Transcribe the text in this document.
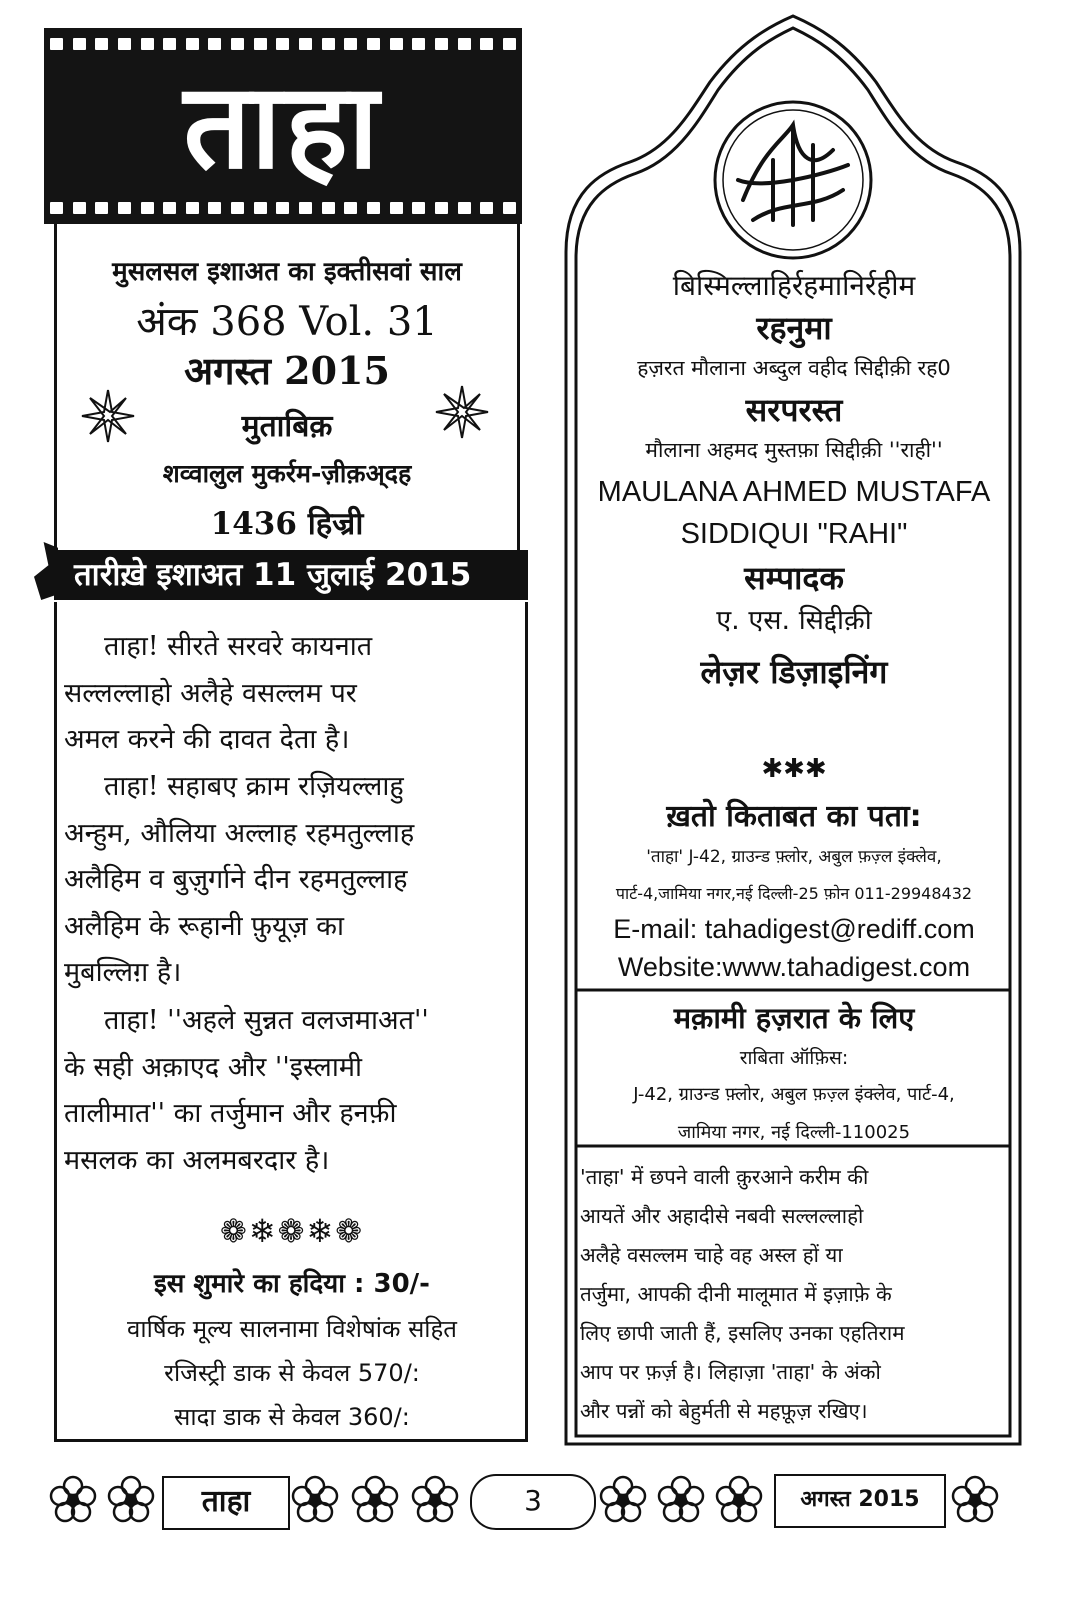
ताहा
मुसलसल इशाअत का इक्तीसवां साल
अंक 368 Vol. 31
अगस्त 2015
मुताबिक़
शव्वालुल मुकर्रम-ज़ीक़अ्दह
1436 हिज्री
तारीख़े इशाअत 11 जुलाई 2015
ताहा! सीरते सरवरे कायनात
सल्लल्लाहो अलैहे वसल्लम पर
अमल करने की दावत देता है।
ताहा! सहाबए क्राम रज़ियल्लाहु
अन्हुम, औलिया अल्लाह रहमतुल्लाह
अलैहिम व बुज़ुर्गाने दीन रहमतुल्लाह
अलैहिम के रूहानी फ़ुयूज़ का
मुबल्लिग़ है।
ताहा! ''अहले सुन्नत वलजमाअत''
के सही अक़ाएद और ''इस्लामी
तालीमात'' का तर्जुमान और हनफ़ी
मसलक का अलमबरदार है।
❁❄❁❄❁
इस शुमारे का हदिया : 30/-
वार्षिक मूल्य सालनामा विशेषांक सहित
रजिस्ट्री डाक से केवल 570/:
सादा डाक से केवल 360/:
बिस्मिल्लाहिर्रहमानिर्रहीम
रहनुमा
हज़रत मौलाना अब्दुल वहीद सिद्दीक़ी रह0
सरपरस्त
मौलाना अहमद मुस्तफ़ा सिद्दीक़ी ''राही''
MAULANA AHMED MUSTAFA
SIDDIQUI "RAHI"
सम्पादक
ए. एस. सिद्दीक़ी
लेज़र डिज़ाइनिंग
✱✱✱
ख़तो किताबत का पता:
'ताहा' J-42, ग्राउन्ड फ़्लोर, अबुल फ़ज़्ल इंक्लेव,
पार्ट-4,जामिया नगर,नई दिल्ली-25 फ़ोन 011-29948432
E-mail: tahadigest@rediff.com
Website:www.tahadigest.com
मक़ामी हज़रात के लिए
राबिता ऑफ़िस:
J-42, ग्राउन्ड फ़्लोर, अबुल फ़ज़्ल इंक्लेव, पार्ट-4,
जामिया नगर, नई दिल्ली-110025
'ताहा' में छपने वाली क़ुरआने करीम की
आयतें और अहादीसे नबवी सल्लल्लाहो
अलैहे वसल्लम चाहे वह अस्ल हों या
तर्जुमा, आपकी दीनी मालूमात में इज़ाफ़े के
लिए छापी जाती हैं, इसलिए उनका एहतिराम
आप पर फ़र्ज़ है। लिहाज़ा 'ताहा' के अंको
और पन्नों को बेहुर्मती से महफ़ूज़ रखिए।
ताहा	3	अगस्त 2015
